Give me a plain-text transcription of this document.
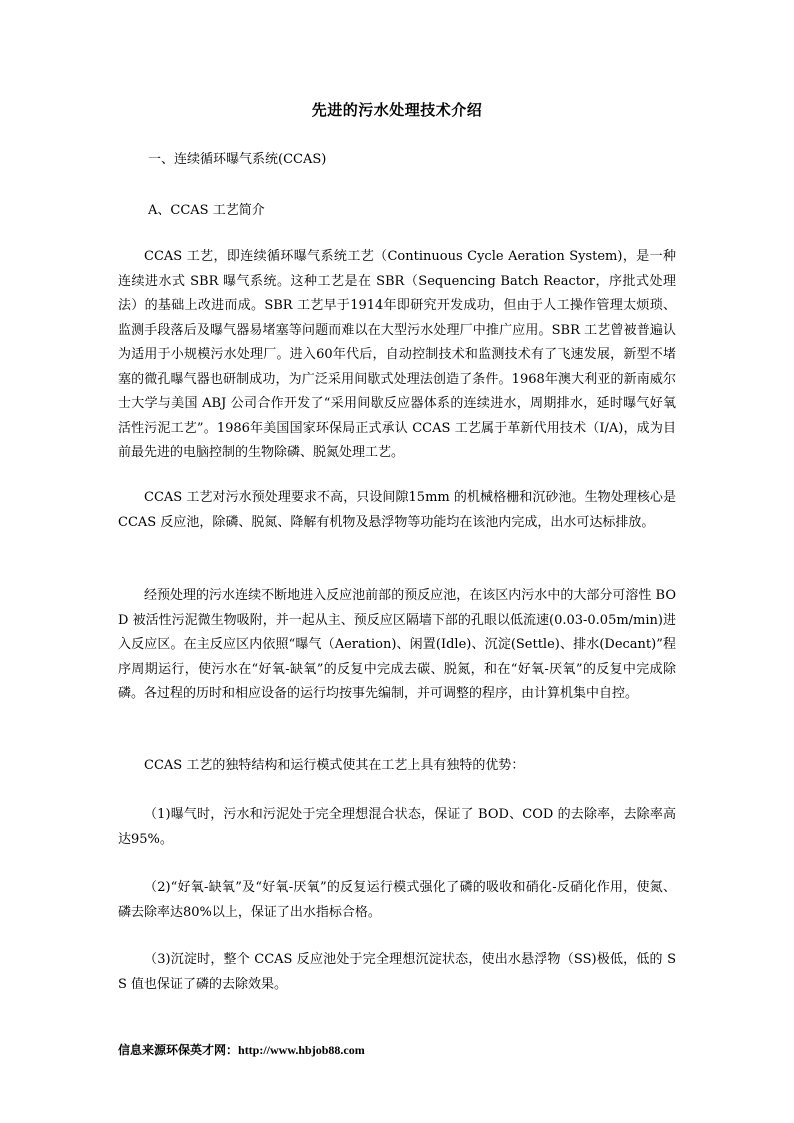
先进的污水处理技术介绍

一、连续循环曝气系统(CCAS)

A、CCAS 工艺简介

CCAS 工艺，即连续循环曝气系统工艺（Continuous Cycle Aeration System)，是一种连续进水式 SBR 曝气系统。这种工艺是在 SBR（Sequencing Batch Reactor，序批式处理法）的基础上改进而成。SBR 工艺早于1914年即研究开发成功，但由于人工操作管理太烦琐、监测手段落后及曝气器易堵塞等问题而难以在大型污水处理厂中推广应用。SBR 工艺曾被普遍认为适用于小规模污水处理厂。进入60年代后，自动控制技术和监测技术有了飞速发展，新型不堵塞的微孔曝气器也研制成功，为广泛采用间歇式处理法创造了条件。1968年澳大利亚的新南威尔士大学与美国 ABJ 公司合作开发了“采用间歇反应器体系的连续进水，周期排水，延时曝气好氧活性污泥工艺”。1986年美国国家环保局正式承认 CCAS 工艺属于革新代用技术（I/A)，成为目前最先进的电脑控制的生物除磷、脱氮处理工艺。

CCAS 工艺对污水预处理要求不高，只设间隙15mm 的机械格栅和沉砂池。生物处理核心是 CCAS 反应池，除磷、脱氮、降解有机物及悬浮物等功能均在该池内完成，出水可达标排放。

经预处理的污水连续不断地进入反应池前部的预反应池，在该区内污水中的大部分可溶性 BOD 被活性污泥微生物吸附，并一起从主、预反应区隔墙下部的孔眼以低流速(0.03-0.05m/min)进入反应区。在主反应区内依照“曝气（Aeration)、闲置(Idle)、沉淀(Settle)、排水(Decant)”程序周期运行，使污水在“好氧-缺氧”的反复中完成去碳、脱氮，和在“好氧-厌氧”的反复中完成除磷。各过程的历时和相应设备的运行均按事先编制，并可调整的程序，由计算机集中自控。

CCAS 工艺的独特结构和运行模式使其在工艺上具有独特的优势：

（1)曝气时，污水和污泥处于完全理想混合状态，保证了 BOD、COD 的去除率，去除率高达95%。

（2)“好氧-缺氧”及“好氧-厌氧”的反复运行模式强化了磷的吸收和硝化-反硝化作用，使氮、磷去除率达80%以上，保证了出水指标合格。

（3)沉淀时，整个 CCAS 反应池处于完全理想沉淀状态，使出水悬浮物（SS)极低，低的 SS 值也保证了磷的去除效果。

信息来源环保英才网：http://www.hbjob88.com
